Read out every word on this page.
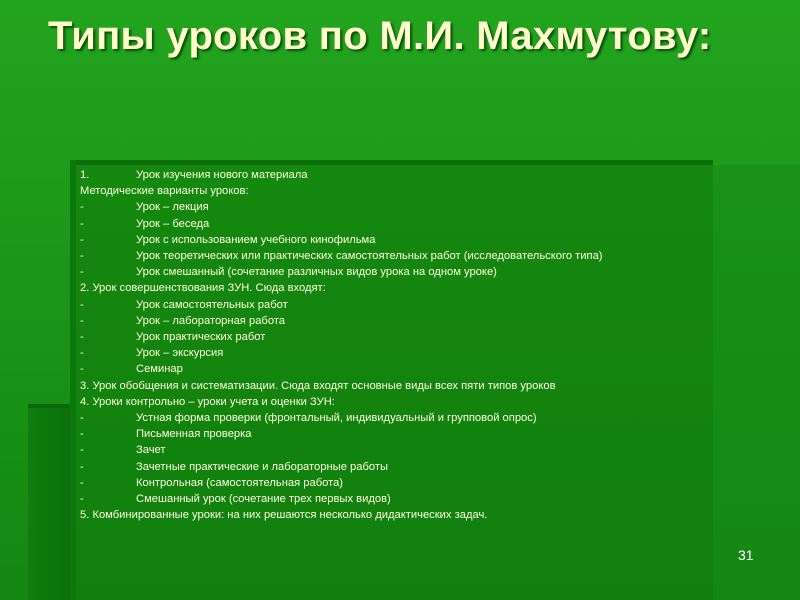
Типы уроков по М.И. Махмутову:
1.	Урок изучения нового материала
Методические варианты уроков:
-	Урок – лекция
-	Урок – беседа
-	Урок с использованием учебного кинофильма
-	Урок теоретических или практических самостоятельных работ (исследовательского типа)
-	Урок смешанный (сочетание различных видов урока на одном уроке)
2. Урок совершенствования ЗУН. Сюда входят:
-	Урок самостоятельных работ
-	Урок – лабораторная работа
-	Урок практических работ
-	Урок – экскурсия
-	Семинар
3. Урок обобщения и систематизации. Сюда входят основные виды всех пяти типов уроков
4. Уроки контрольно – уроки учета и оценки ЗУН:
-	Устная форма проверки (фронтальный, индивидуальный и групповой опрос)
-	Письменная проверка
-	Зачет
-	Зачетные практические и лабораторные работы
-	Контрольная (самостоятельная работа)
-	Смешанный урок (сочетание трех первых видов)
5. Комбинированные уроки: на них решаются несколько дидактических задач.
31
